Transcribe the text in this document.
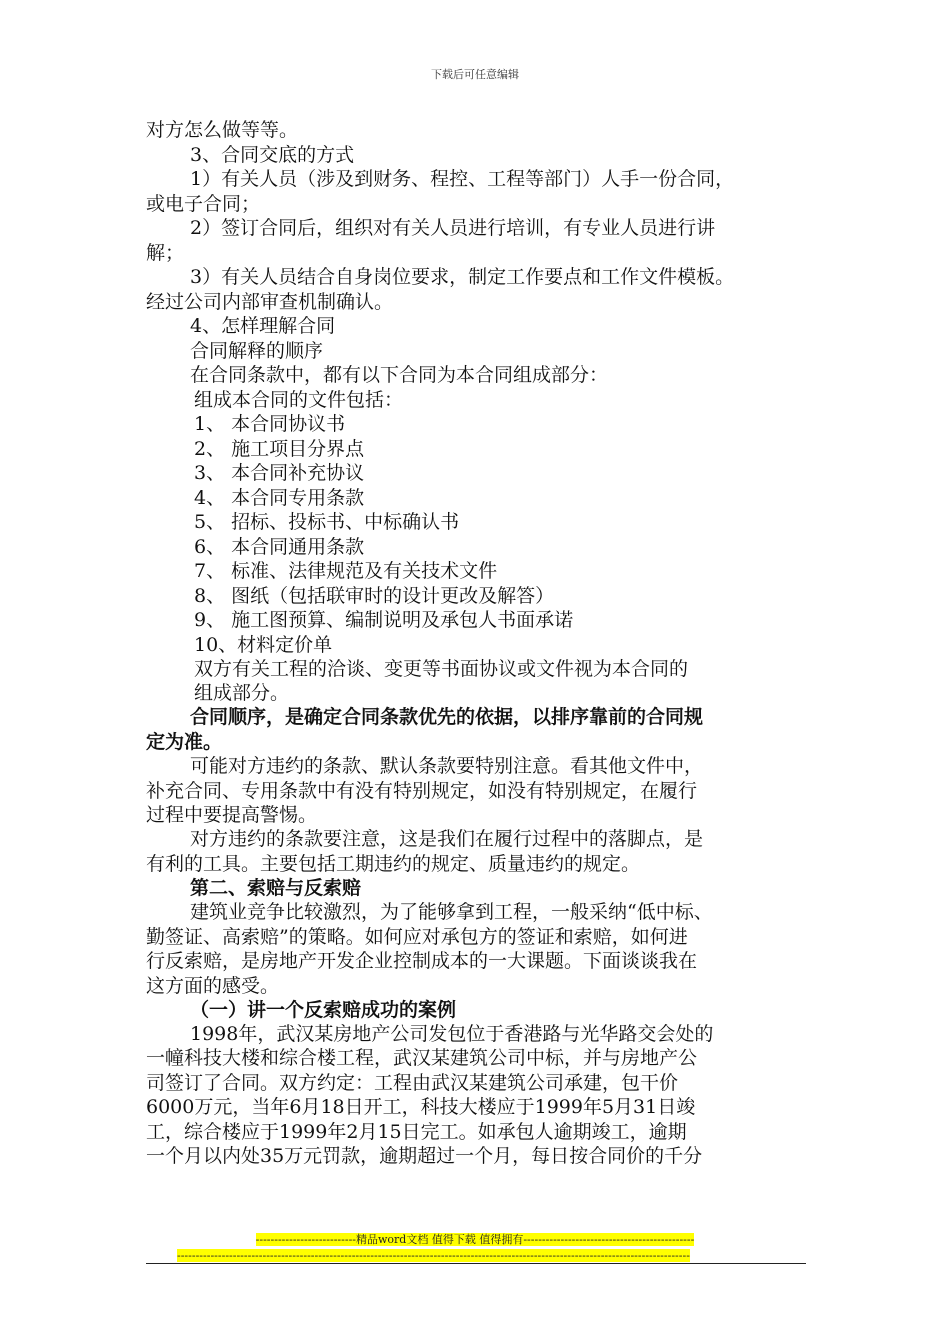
下载后可任意编辑
对方怎么做等等。
3、合同交底的方式
1）有关人员（涉及到财务、程控、工程等部门）人手一份合同，
或电子合同；
2）签订合同后，组织对有关人员进行培训，有专业人员进行讲
解；
3）有关人员结合自身岗位要求，制定工作要点和工作文件模板。
经过公司内部审查机制确认。
4、怎样理解合同
合同解释的顺序
在合同条款中，都有以下合同为本合同组成部分：
组成本合同的文件包括：
1、 本合同协议书
2、 施工项目分界点
3、 本合同补充协议
4、 本合同专用条款
5、 招标、投标书、中标确认书
6、 本合同通用条款
7、 标准、法律规范及有关技术文件
8、 图纸（包括联审时的设计更改及解答）
9、 施工图预算、编制说明及承包人书面承诺
10、材料定价单
双方有关工程的洽谈、变更等书面协议或文件视为本合同的
组成部分。
合同顺序，是确定合同条款优先的依据，以排序靠前的合同规
定为准。
可能对方违约的条款、默认条款要特别注意。看其他文件中，
补充合同、专用条款中有没有特别规定，如没有特别规定，在履行
过程中要提高警惕。
对方违约的条款要注意，这是我们在履行过程中的落脚点，是
有利的工具。主要包括工期违约的规定、质量违约的规定。
第二、索赔与反索赔
建筑业竞争比较激烈，为了能够拿到工程，一般采纳“低中标、
勤签证、高索赔”的策略。如何应对承包方的签证和索赔，如何进
行反索赔，是房地产开发企业控制成本的一大课题。下面谈谈我在
这方面的感受。
（一）讲一个反索赔成功的案例
1998年，武汉某房地产公司发包位于香港路与光华路交会处的
一幢科技大楼和综合楼工程，武汉某建筑公司中标，并与房地产公
司签订了合同。双方约定：工程由武汉某建筑公司承建，包干价
6000万元，当年6月18日开工，科技大楼应于1999年5月31日竣
工，综合楼应于1999年2月15日完工。如承包人逾期竣工，逾期
一个月以内处35万元罚款，逾期超过一个月，每日按合同价的千分
---------------------------精品word文档 值得下载 值得拥有----------------------------------------------
------------------------------------------------------------------------------------------------------------------------------------------
